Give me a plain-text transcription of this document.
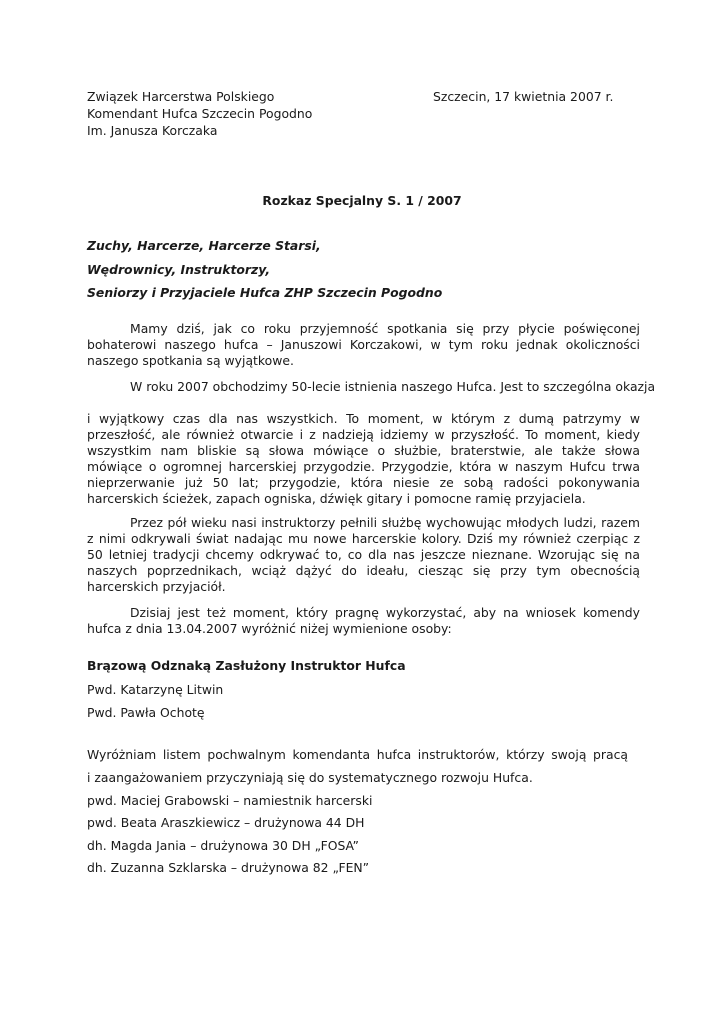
Związek Harcerstwa Polskiego
Komendant Hufca Szczecin Pogodno
Im. Janusza Korczaka
Szczecin, 17 kwietnia 2007 r.
Rozkaz Specjalny S. 1 / 2007
Zuchy, Harcerze, Harcerze Starsi,
Wędrownicy, Instruktorzy,
Seniorzy i Przyjaciele Hufca ZHP Szczecin Pogodno
Mamy dziś, jak co roku przyjemność spotkania się przy płycie poświęconej bohaterowi naszego hufca – Januszowi Korczakowi, w tym roku jednak okoliczności naszego spotkania są wyjątkowe.
W roku 2007 obchodzimy 50-lecie istnienia naszego Hufca. Jest to szczególna okazja
i wyjątkowy czas dla nas wszystkich. To moment, w którym z dumą patrzymy w przeszłość, ale również otwarcie i z nadzieją idziemy w przyszłość. To moment, kiedy wszystkim nam bliskie są słowa mówiące o służbie, braterstwie, ale także słowa mówiące o ogromnej harcerskiej przygodzie. Przygodzie, która w naszym Hufcu trwa nieprzerwanie już 50 lat; przygodzie, która niesie ze sobą radości pokonywania harcerskich ścieżek, zapach ogniska, dźwięk gitary i pomocne ramię przyjaciela.
Przez pół wieku nasi instruktorzy pełnili służbę wychowując młodych ludzi, razem z nimi odkrywali świat nadając mu nowe harcerskie kolory. Dziś my również czerpiąc z 50 letniej tradycji chcemy odkrywać to, co dla nas jeszcze nieznane. Wzorując się na naszych poprzednikach, wciąż dążyć do ideału, ciesząc się przy tym obecnością harcerskich przyjaciół.
Dzisiaj jest też moment, który pragnę wykorzystać, aby na wniosek komendy hufca z dnia 13.04.2007 wyróżnić niżej wymienione osoby:
Brązową Odznaką Zasłużony Instruktor Hufca
Pwd. Katarzynę Litwin
Pwd. Pawła Ochotę
Wyróżniam listem pochwalnym komendanta hufca instruktorów, którzy swoją pracą
i zaangażowaniem przyczyniają się do systematycznego rozwoju Hufca.
pwd. Maciej Grabowski – namiestnik harcerski
pwd. Beata Araszkiewicz – drużynowa 44 DH
dh. Magda Jania – drużynowa 30 DH „FOSA”
dh. Zuzanna Szklarska – drużynowa 82 „FEN”
